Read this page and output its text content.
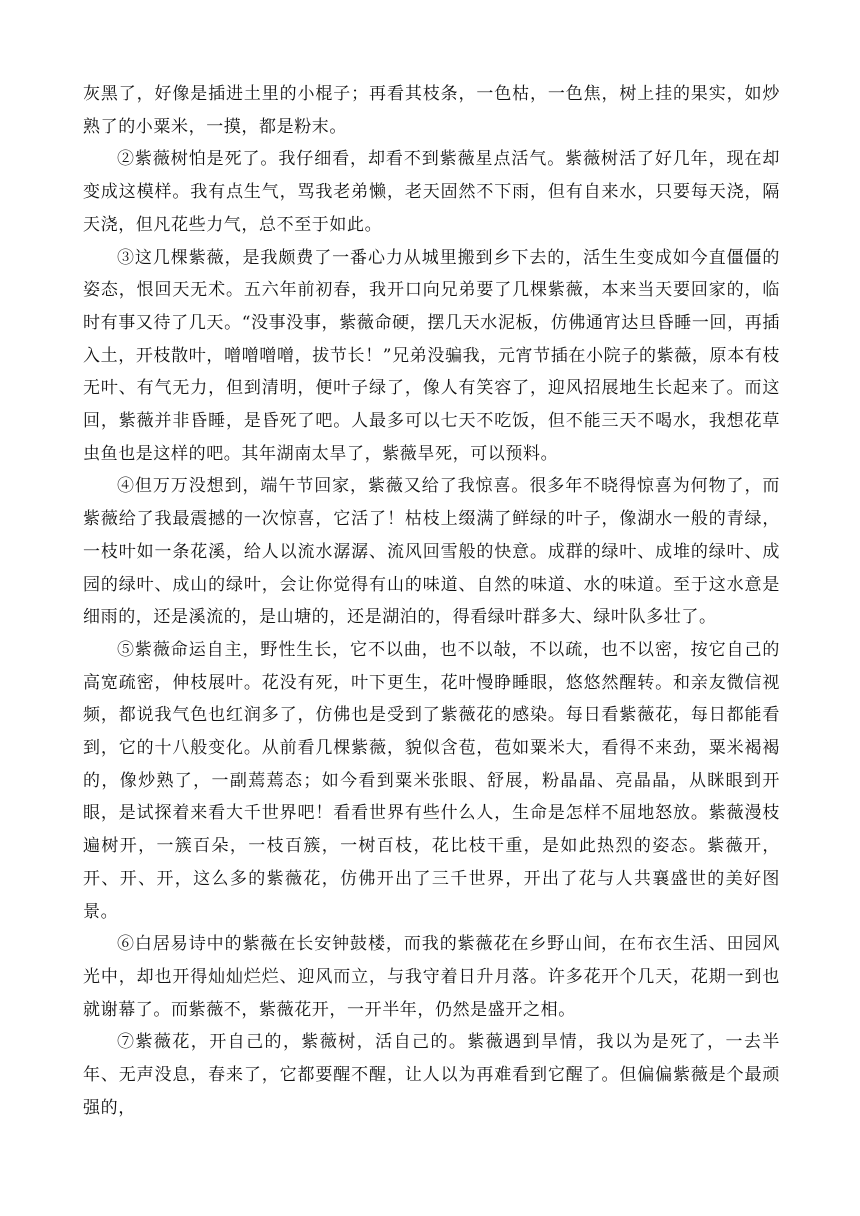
灰黑了，好像是插进土里的小棍子；再看其枝条，一色枯，一色焦，树上挂的果实，如炒熟了的小粟米，一摸，都是粉末。

②紫薇树怕是死了。我仔细看，却看不到紫薇星点活气。紫薇树活了好几年，现在却变成这模样。我有点生气，骂我老弟懒，老天固然不下雨，但有自来水，只要每天浇，隔天浇，但凡花些力气，总不至于如此。

③这几棵紫薇，是我颇费了一番心力从城里搬到乡下去的，活生生变成如今直僵僵的姿态，恨回天无术。五六年前初春，我开口向兄弟要了几棵紫薇，本来当天要回家的，临时有事又待了几天。“没事没事，紫薇命硬，摆几天水泥板，仿佛通宵达旦昏睡一回，再插入土，开枝散叶，噌噌噌噌，拔节长！”兄弟没骗我，元宵节插在小院子的紫薇，原本有枝无叶、有气无力，但到清明，便叶子绿了，像人有笑容了，迎风招展地生长起来了。而这回，紫薇并非昏睡，是昏死了吧。人最多可以七天不吃饭，但不能三天不喝水，我想花草虫鱼也是这样的吧。其年湖南太旱了，紫薇旱死，可以预料。

④但万万没想到，端午节回家，紫薇又给了我惊喜。很多年不晓得惊喜为何物了，而紫薇给了我最震撼的一次惊喜，它活了！枯枝上缀满了鲜绿的叶子，像湖水一般的青绿，一枝叶如一条花溪，给人以流水潺潺、流风回雪般的快意。成群的绿叶、成堆的绿叶、成园的绿叶、成山的绿叶，会让你觉得有山的味道、自然的味道、水的味道。至于这水意是细雨的，还是溪流的，是山塘的，还是湖泊的，得看绿叶群多大、绿叶队多壮了。

⑤紫薇命运自主，野性生长，它不以曲，也不以敧，不以疏，也不以密，按它自己的高宽疏密，伸枝展叶。花没有死，叶下更生，花叶慢睁睡眼，悠悠然醒转。和亲友微信视频，都说我气色也红润多了，仿佛也是受到了紫薇花的感染。每日看紫薇花，每日都能看到，它的十八般变化。从前看几棵紫薇，貌似含苞，苞如粟米大，看得不来劲，粟米褐褐的，像炒熟了，一副蔫蔫态；如今看到粟米张眼、舒展，粉晶晶、亮晶晶，从眯眼到开眼，是试探着来看大千世界吧！看看世界有些什么人，生命是怎样不屈地怒放。紫薇漫枝遍树开，一簇百朵，一枝百簇，一树百枝，花比枝干重，是如此热烈的姿态。紫薇开，开、开、开，这么多的紫薇花，仿佛开出了三千世界，开出了花与人共襄盛世的美好图景。

⑥白居易诗中的紫薇在长安钟鼓楼，而我的紫薇花在乡野山间，在布衣生活、田园风光中，却也开得灿灿烂烂、迎风而立，与我守着日升月落。许多花开个几天，花期一到也就谢幕了。而紫薇不，紫薇花开，一开半年，仍然是盛开之相。

⑦紫薇花，开自己的，紫薇树，活自己的。紫薇遇到旱情，我以为是死了，一去半年、无声没息，春来了，它都要醒不醒，让人以为再难看到它醒了。但偏偏紫薇是个最顽强的，
